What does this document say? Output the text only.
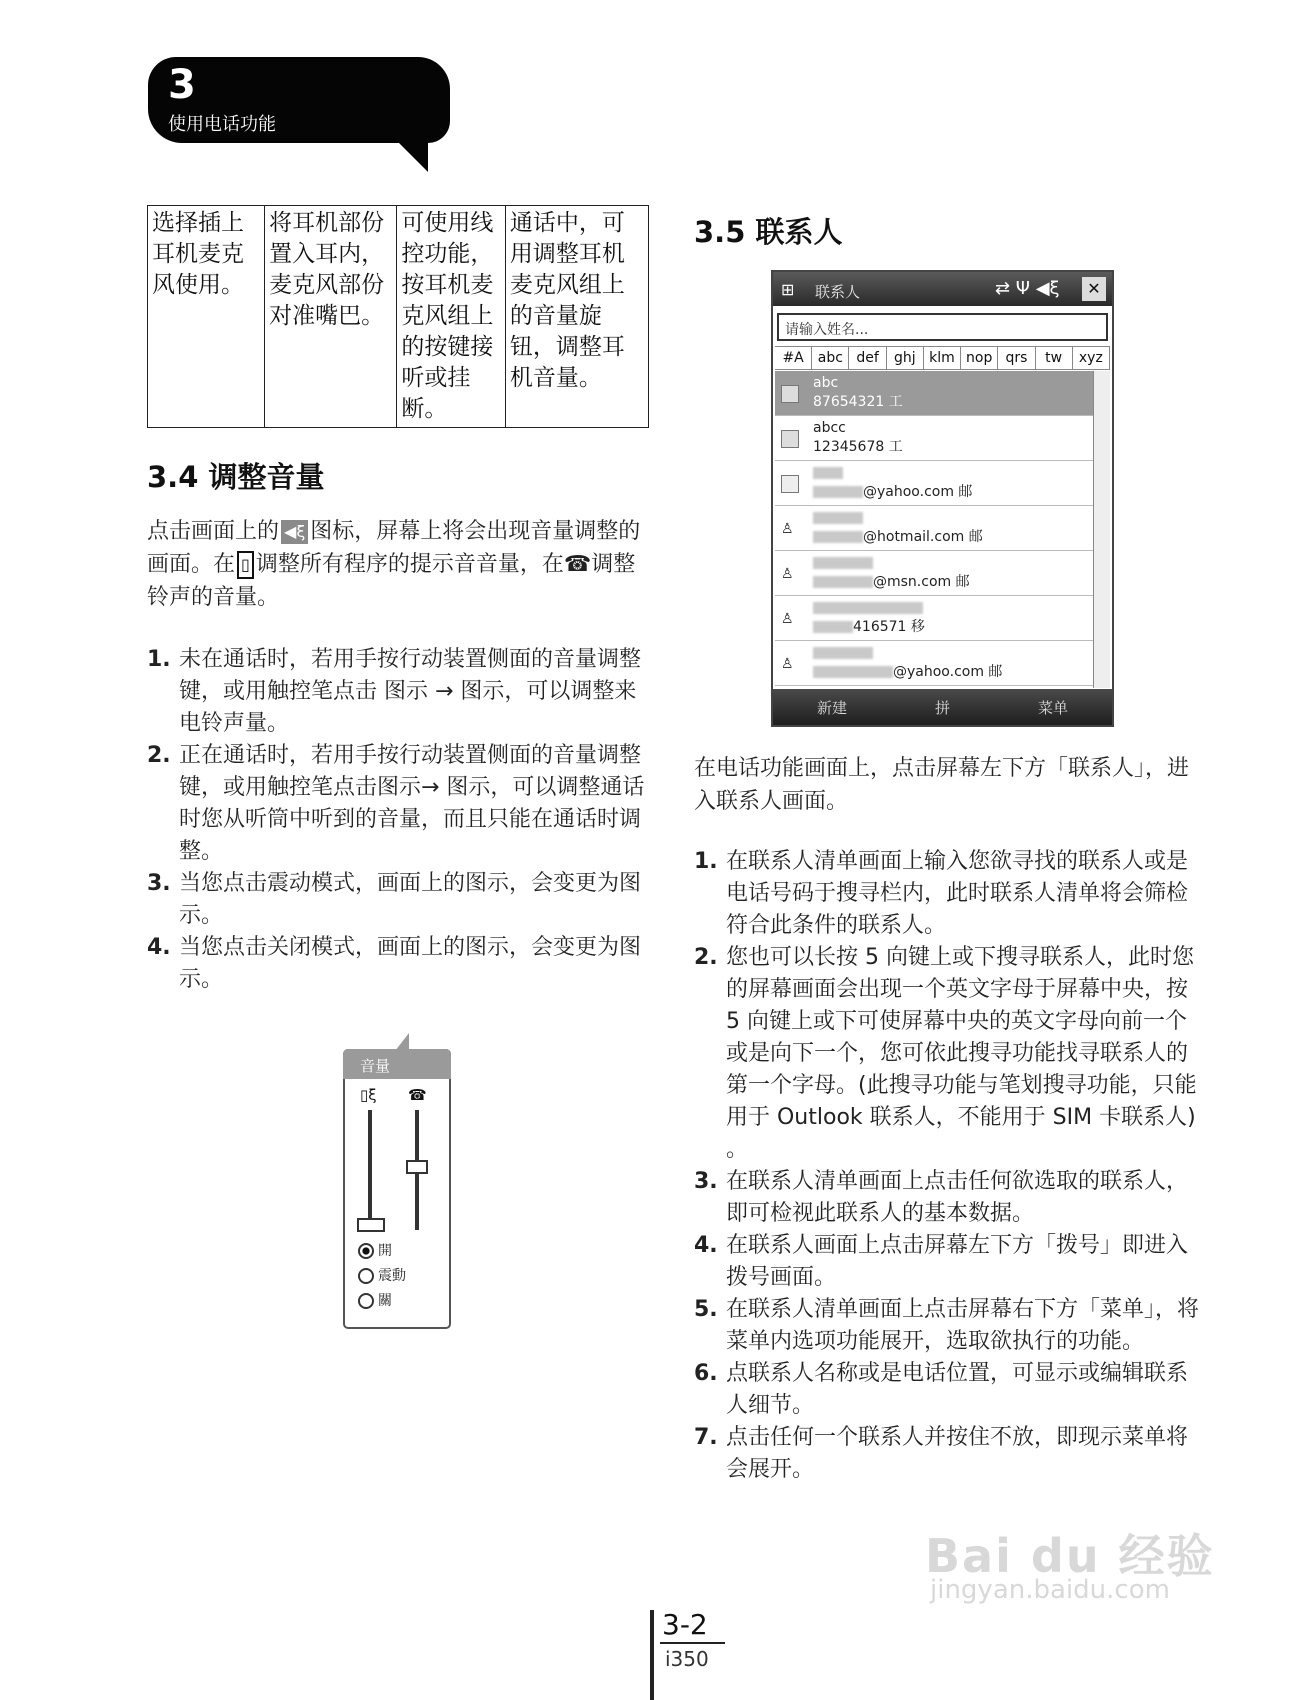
3
使用电话功能
选择插上耳机麦克风使用。	将耳机部份置入耳内，麦克风部份对准嘴巴。	可使用线控功能，按耳机麦克风组上的按键接听或挂断。	通话中，可用调整耳机麦克风组上的音量旋钮，调整耳机音量。
3.4 调整音量
点击画面上的 ◀ξ 图标，屏幕上将会出现音量调整的画面。在 ▯ 调整所有程序的提示音音量，在☎调整铃声的音量。
1. 未在通话时，若用手按行动装置侧面的音量调整键，或用触控笔点击 图示 → 图示，可以调整来电铃声量。
2. 正在通话时，若用手按行动装置侧面的音量调整键，或用触控笔点击图示→ 图示，可以调整通话时您从听筒中听到的音量，而且只能在通话时调整。
3. 当您点击震动模式，画面上的图示，会变更为图示。
4. 当您点击关闭模式，画面上的图示，会变更为图示。
音量
▯ξ ☎
開
震動
關
3.5 联系人
⊞ 联系人	⇄ Ψ ◀ξ	✕
请输入姓名...
#A abc def	ghj klm nop qrs	tw	xyz
abc
87654321 工
abcc
12345678 工
@yahoo.com 邮
♙	@hotmail.com 邮
♙	@msn.com 邮
♙	416571 移
♙	@yahoo.com 邮
新建	拼	菜单
在电话功能画面上，点击屏幕左下方「联系人」，进入联系人画面。
1. 在联系人清单画面上输入您欲寻找的联系人或是电话号码于搜寻栏内，此时联系人清单将会筛检符合此条件的联系人。
2. 您也可以长按 5 向键上或下搜寻联系人，此时您的屏幕画面会出现一个英文字母于屏幕中央，按 5 向键上或下可使屏幕中央的英文字母向前一个或是向下一个，您可依此搜寻功能找寻联系人的第一个字母。(此搜寻功能与笔划搜寻功能，只能用于 Outlook 联系人，不能用于 SIM 卡联系人) 。
3. 在联系人清单画面上点击任何欲选取的联系人，即可检视此联系人的基本数据。
4. 在联系人画面上点击屏幕左下方「拨号」即进入拨号画面。
5. 在联系人清单画面上点击屏幕右下方「菜单」，将菜单内选项功能展开，选取欲执行的功能。
6. 点联系人名称或是电话位置，可显示或编辑联系人细节。
7. 点击任何一个联系人并按住不放，即现示菜单将会展开。
Bai du 经验
jingyan.baidu.com
3-2
i350
